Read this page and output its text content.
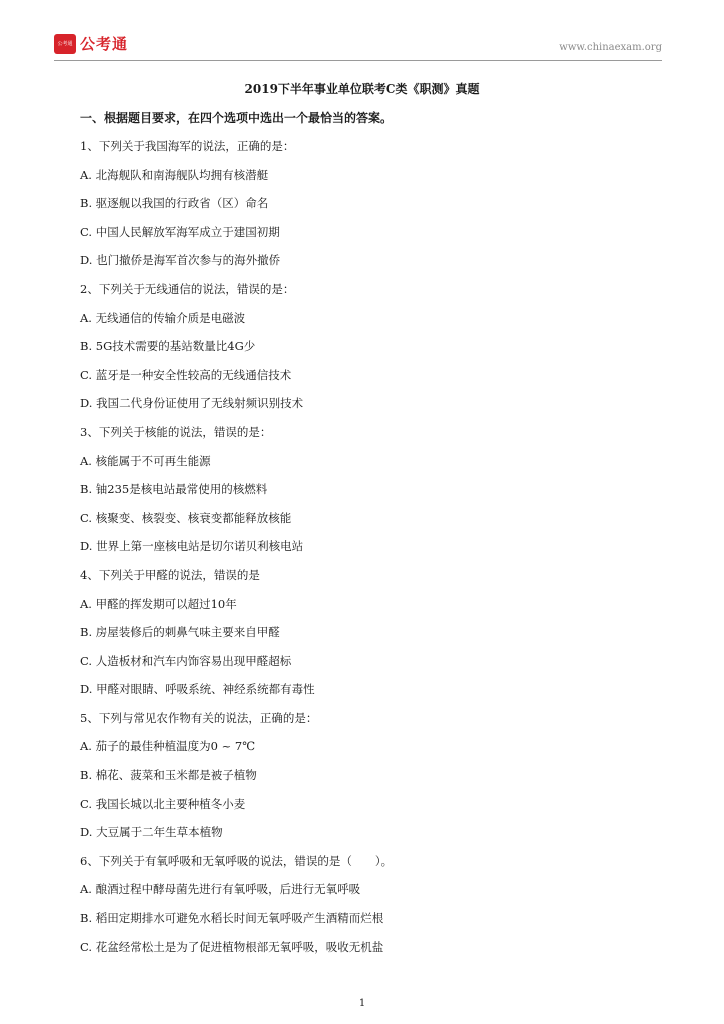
公考通 公考通	www.chinaexam.org
2019下半年事业单位联考C类《职测》真题
一、根据题目要求，在四个选项中选出一个最恰当的答案。
1、下列关于我国海军的说法，正确的是：
A. 北海舰队和南海舰队均拥有核潜艇
B. 驱逐舰以我国的行政省（区）命名
C. 中国人民解放军海军成立于建国初期
D. 也门撤侨是海军首次参与的海外撤侨
2、下列关于无线通信的说法，错误的是：
A. 无线通信的传输介质是电磁波
B. 5G技术需要的基站数量比4G少
C. 蓝牙是一种安全性较高的无线通信技术
D. 我国二代身份证使用了无线射频识别技术
3、下列关于核能的说法，错误的是：
A. 核能属于不可再生能源
B. 铀235是核电站最常使用的核燃料
C. 核聚变、核裂变、核衰变都能释放核能
D. 世界上第一座核电站是切尔诺贝利核电站
4、下列关于甲醛的说法，错误的是
A. 甲醛的挥发期可以超过10年
B. 房屋装修后的刺鼻气味主要来自甲醛
C. 人造板材和汽车内饰容易出现甲醛超标
D. 甲醛对眼睛、呼吸系统、神经系统都有毒性
5、下列与常见农作物有关的说法，正确的是：
A. 茄子的最佳种植温度为0 ~ 7℃
B. 棉花、菠菜和玉米都是被子植物
C. 我国长城以北主要种植冬小麦
D. 大豆属于二年生草本植物
6、下列关于有氧呼吸和无氧呼吸的说法，错误的是（　　）。
A. 酿酒过程中酵母菌先进行有氧呼吸，后进行无氧呼吸
B. 稻田定期排水可避免水稻长时间无氧呼吸产生酒精而烂根
C. 花盆经常松土是为了促进植物根部无氧呼吸，吸收无机盐
1
